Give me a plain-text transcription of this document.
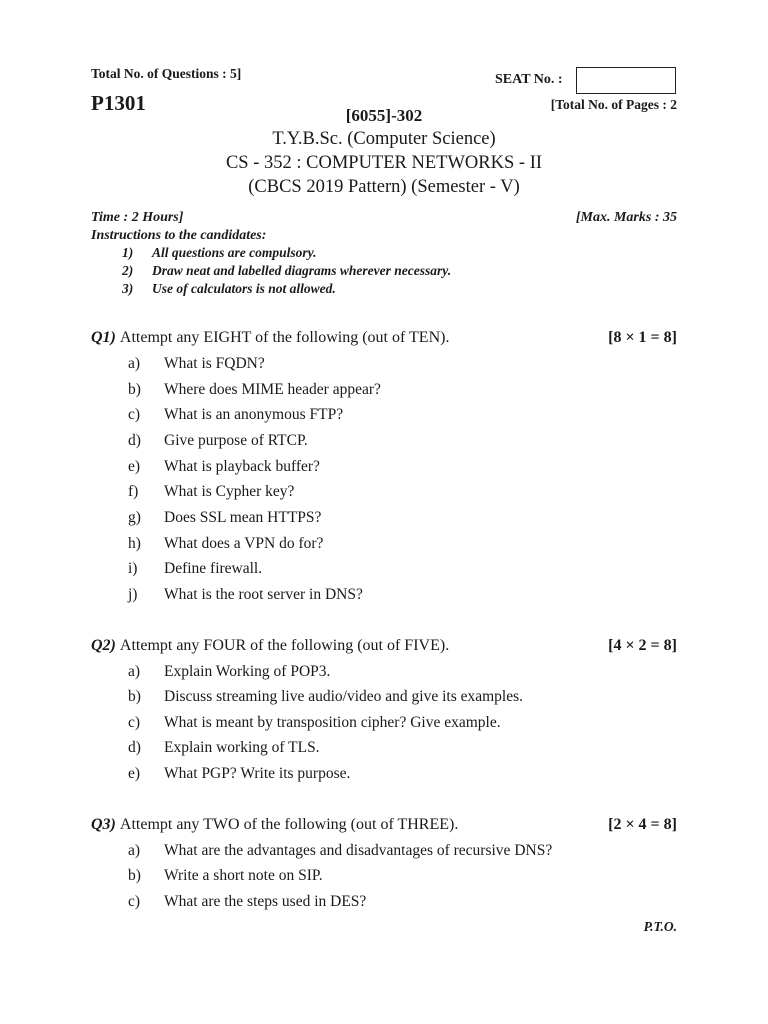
Total No. of Questions : 5]
P1301
SEAT No. :
[Total No. of Pages : 2
[6055]-302
T.Y.B.Sc. (Computer Science)
CS - 352 : COMPUTER NETWORKS - II
(CBCS 2019 Pattern) (Semester - V)
Time : 2 Hours]	[Max. Marks : 35
Instructions to the candidates:
1) All questions are compulsory.
2) Draw neat and labelled diagrams wherever necessary.
3) Use of calculators is not allowed.
Q1) Attempt any EIGHT of the following (out of TEN).	[8 × 1 = 8]
a) What is FQDN?
b) Where does MIME header appear?
c) What is an anonymous FTP?
d) Give purpose of RTCP.
e) What is playback buffer?
f) What is Cypher key?
g) Does SSL mean HTTPS?
h) What does a VPN do for?
i) Define firewall.
j) What is the root server in DNS?
Q2) Attempt any FOUR of the following (out of FIVE).	[4 × 2 = 8]
a) Explain Working of POP3.
b) Discuss streaming live audio/video and give its examples.
c) What is meant by transposition cipher? Give example.
d) Explain working of TLS.
e) What PGP? Write its purpose.
Q3) Attempt any TWO of the following (out of THREE).	[2 × 4 = 8]
a) What are the advantages and disadvantages of recursive DNS?
b) Write a short note on SIP.
c) What are the steps used in DES?
P.T.O.
